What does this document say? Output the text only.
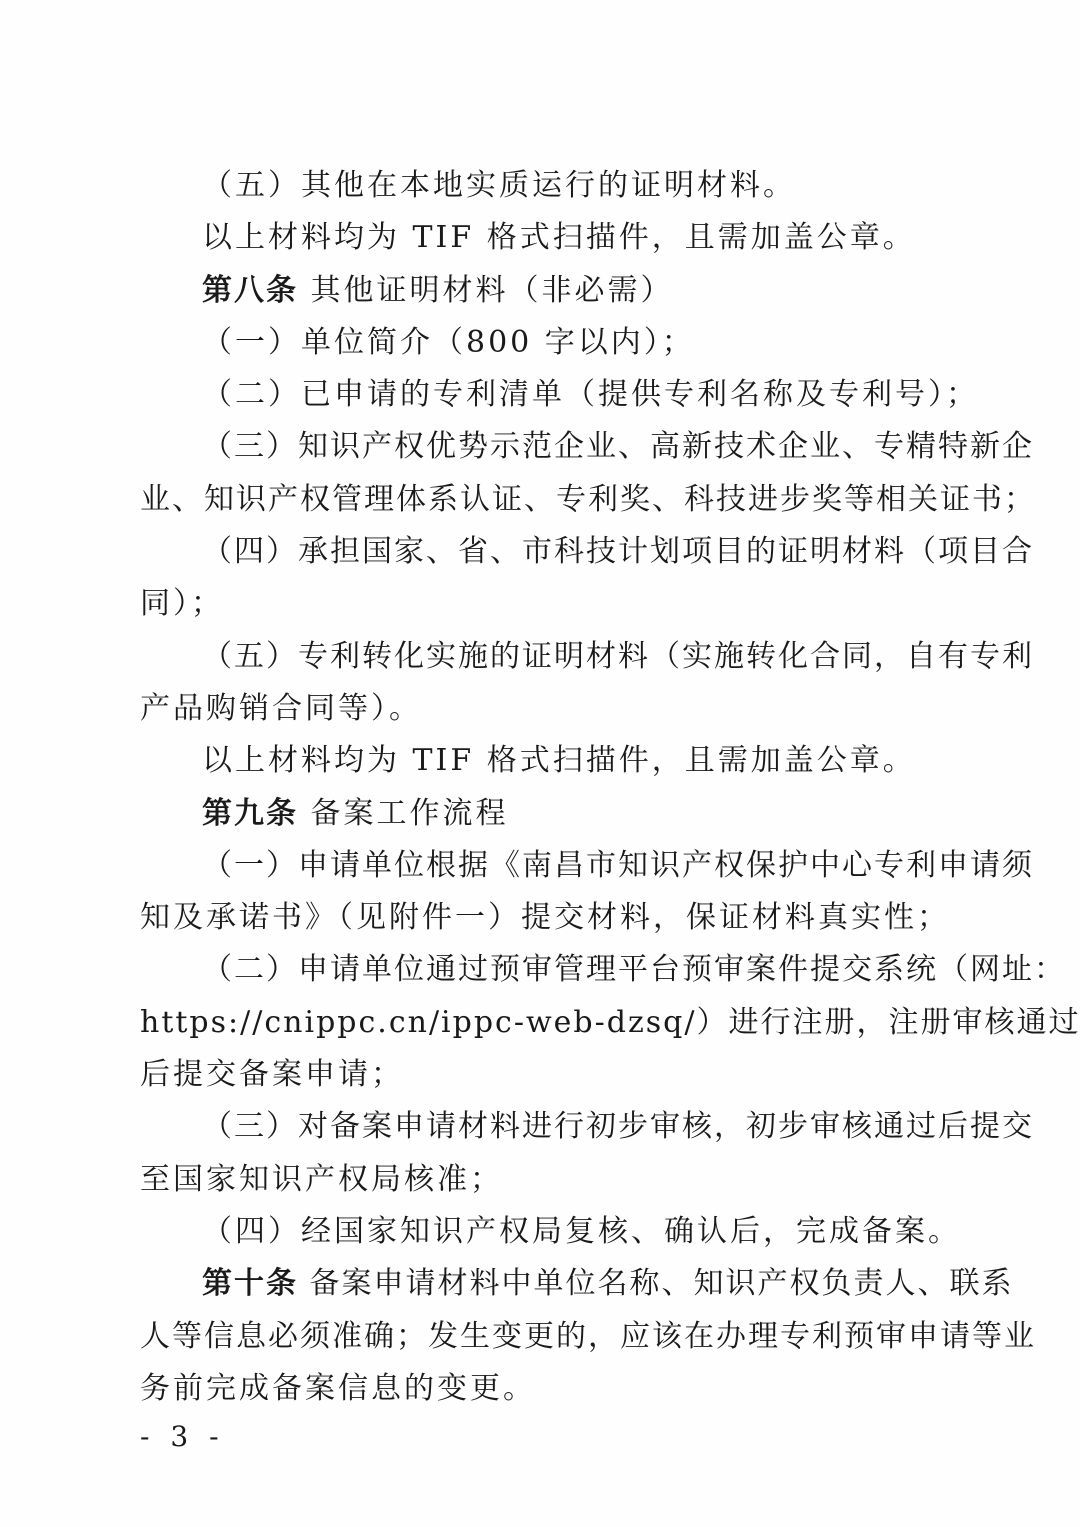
（五）其他在本地实质运行的证明材料。
以上材料均为 TIF 格式扫描件，且需加盖公章。
第八条 其他证明材料（非必需）
（一）单位简介（800 字以内）；
（二）已申请的专利清单（提供专利名称及专利号）；
（三）知识产权优势示范企业、高新技术企业、专精特新企
业、知识产权管理体系认证、专利奖、科技进步奖等相关证书；
（四）承担国家、省、市科技计划项目的证明材料（项目合
同）；
（五）专利转化实施的证明材料（实施转化合同，自有专利
产品购销合同等）。
以上材料均为 TIF 格式扫描件，且需加盖公章。
第九条 备案工作流程
（一）申请单位根据《南昌市知识产权保护中心专利申请须
知及承诺书》（见附件一）提交材料，保证材料真实性；
（二）申请单位通过预审管理平台预审案件提交系统（网址：
https://cnippc.cn/ippc-web-dzsq/）进行注册，注册审核通过
后提交备案申请；
（三）对备案申请材料进行初步审核，初步审核通过后提交
至国家知识产权局核准；
（四）经国家知识产权局复核、确认后，完成备案。
第十条 备案申请材料中单位名称、知识产权负责人、联系
人等信息必须准确；发生变更的，应该在办理专利预审申请等业
务前完成备案信息的变更。
- 3 -
